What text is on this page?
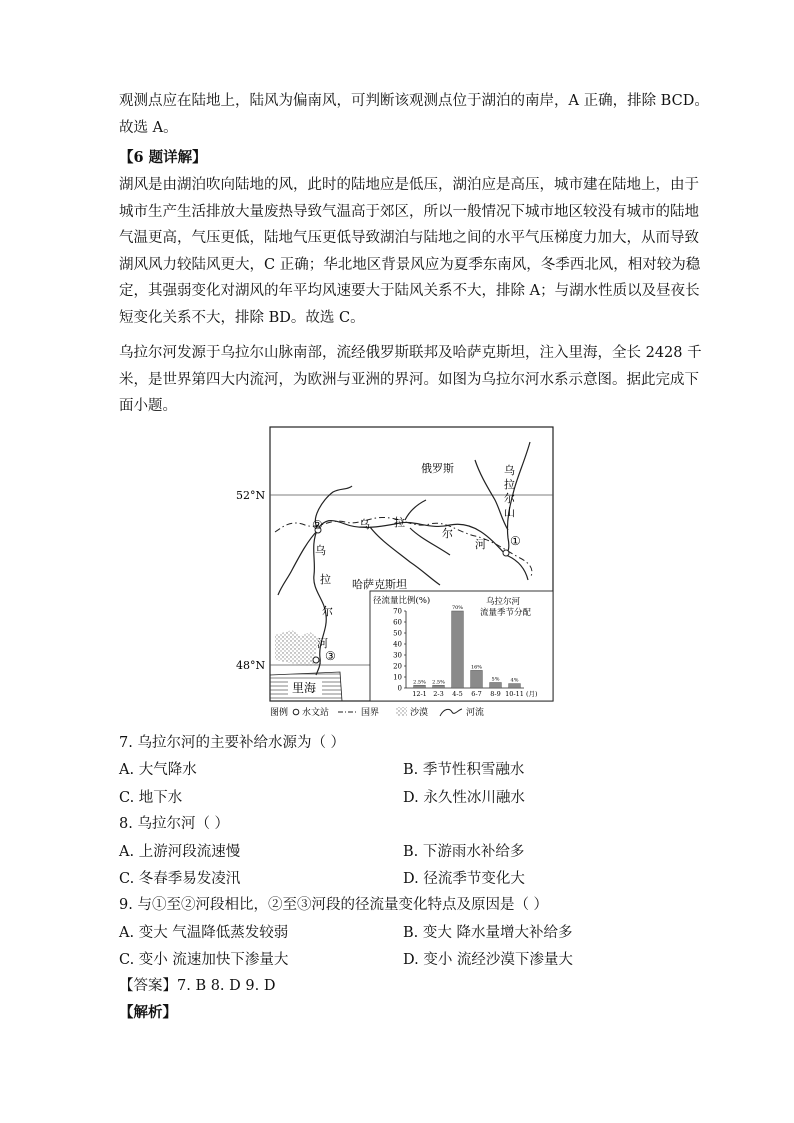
观测点应在陆地上，陆风为偏南风，可判断该观测点位于湖泊的南岸，A 正确，排除 BCD。
故选 A。
【6 题详解】
湖风是由湖泊吹向陆地的风，此时的陆地应是低压，湖泊应是高压，城市建在陆地上，由于
城市生产生活排放大量废热导致气温高于郊区，所以一般情况下城市地区较没有城市的陆地
气温更高，气压更低，陆地气压更低导致湖泊与陆地之间的水平气压梯度力加大，从而导致
湖风风力较陆风更大，C 正确；华北地区背景风应为夏季东南风，冬季西北风，相对较为稳
定，其强弱变化对湖风的年平均风速要大于陆风关系不大，排除 A；与湖水性质以及昼夜长
短变化关系不大，排除 BD。故选 C。
乌拉尔河发源于乌拉尔山脉南部，流经俄罗斯联邦及哈萨克斯坦，注入里海，全长 2428 千
米，是世界第四大内流河，为欧洲与亚洲的界河。如图为乌拉尔河水系示意图。据此完成下
面小题。
52°N
48°N
里海
俄罗斯
哈萨克斯坦
乌
拉
尔
山
乌 拉
尔
河
乌
拉
尔
河
①
②
③
径流量比例(%)	乌拉尔河
流量季节分配
0
10
20
30
40
50
60
70
2.5%
12-1
2.5%
2-3
70%
4-5
16%
6-7
5%
8-9
4%
10-11 (月)
图例 水文站	国界	沙漠	河流
7. 乌拉尔河的主要补给水源为（ ）
A. 大气降水	B. 季节性积雪融水
C. 地下水	D. 永久性冰川融水
8. 乌拉尔河（ ）
A. 上游河段流速慢	B. 下游雨水补给多
C. 冬春季易发凌汛	D. 径流季节变化大
9. 与①至②河段相比，②至③河段的径流量变化特点及原因是（ ）
A. 变大 气温降低蒸发较弱	B. 变大 降水量增大补给多
C. 变小 流速加快下渗量大	D. 变小 流经沙漠下渗量大
【答案】7. B 8. D 9. D
【解析】
